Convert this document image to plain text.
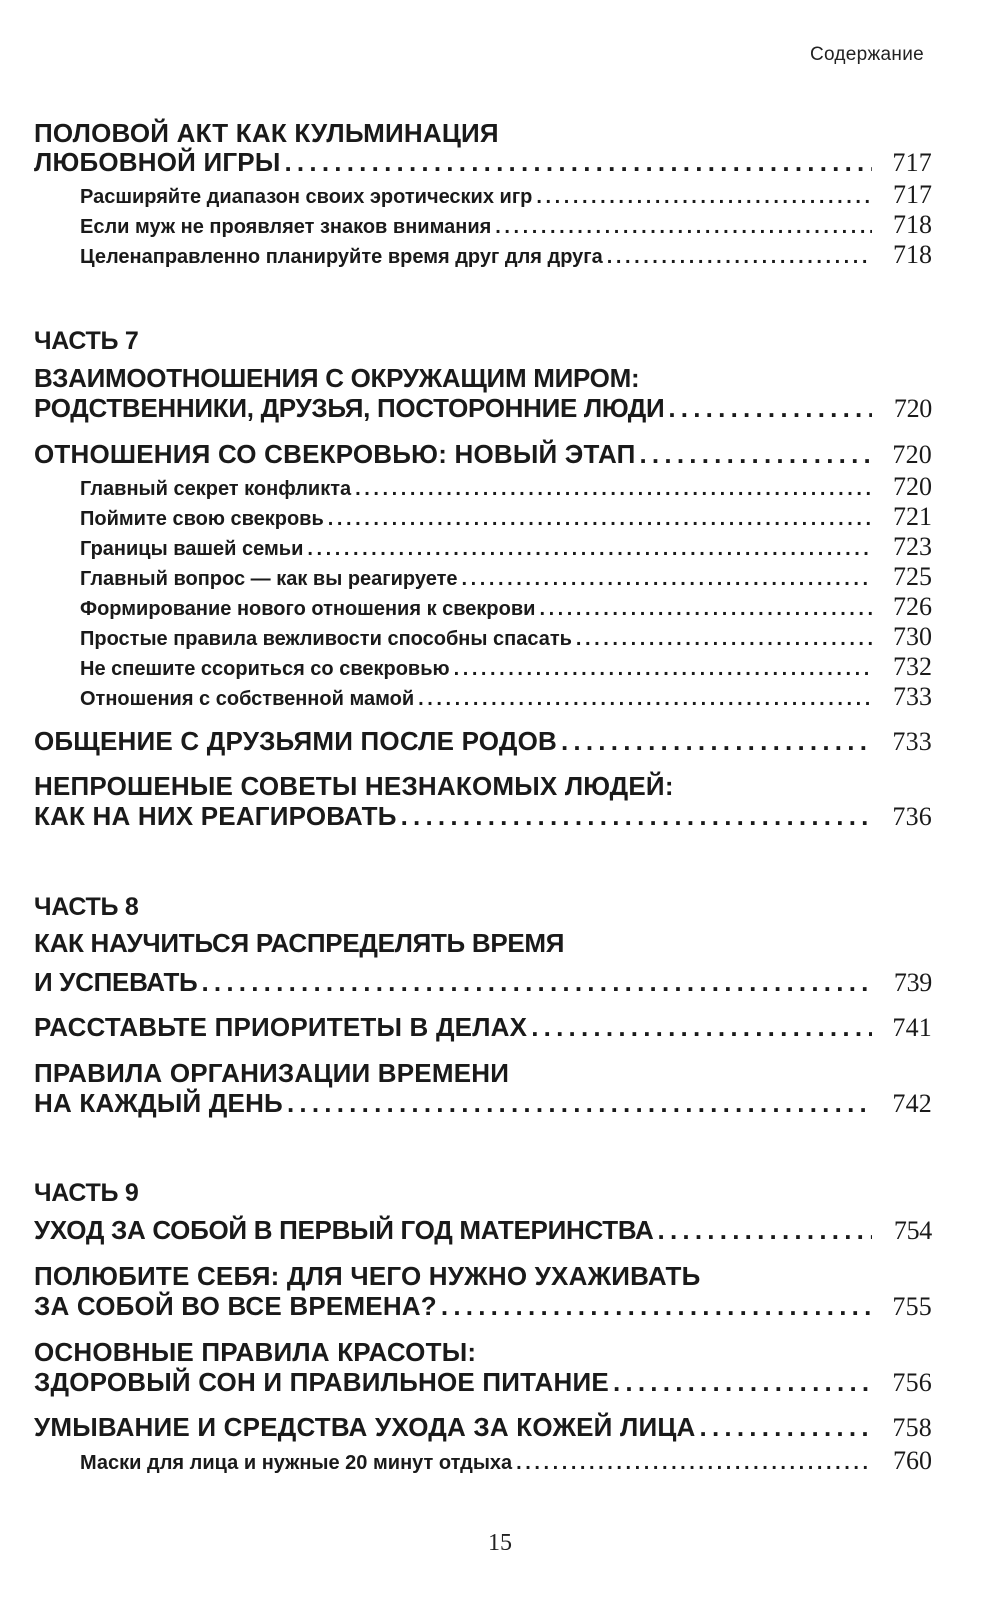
Содержание
ПОЛОВОЙ АКТ КАК КУЛЬМИНАЦИЯ
ЛЮБОВНОЙ ИГРЫ . . .	717
Расширяйте диапазон своих эротических игр . . .	717
Если муж не проявляет знаков внимания . . .	718
Целенаправленно планируйте время друг для друга . . .	718
ЧАСТЬ 7
ВЗАИМООТНОШЕНИЯ С ОКРУЖАЩИМ МИРОМ:
РОДСТВЕННИКИ, ДРУЗЬЯ, ПОСТОРОННИЕ ЛЮДИ . . .	720
ОТНОШЕНИЯ СО СВЕКРОВЬЮ: НОВЫЙ ЭТАП . . .	720
Главный секрет конфликта . . .	720
Поймите свою свекровь . . .	721
Границы вашей семьи . . .	723
Главный вопрос — как вы реагируете . . .	725
Формирование нового отношения к свекрови . . .	726
Простые правила вежливости способны спасать . . .	730
Не спешите ссориться со свекровью . . .	732
Отношения с собственной мамой . . .	733
ОБЩЕНИЕ С ДРУЗЬЯМИ ПОСЛЕ РОДОВ . . .	733
НЕПРОШЕНЫЕ СОВЕТЫ НЕЗНАКОМЫХ ЛЮДЕЙ:
КАК НА НИХ РЕАГИРОВАТЬ . . .	736
ЧАСТЬ 8
КАК НАУЧИТЬСЯ РАСПРЕДЕЛЯТЬ ВРЕМЯ
И УСПЕВАТЬ . . .	739
РАССТАВЬТЕ ПРИОРИТЕТЫ В ДЕЛАХ . . .	741
ПРАВИЛА ОРГАНИЗАЦИИ ВРЕМЕНИ
НА КАЖДЫЙ ДЕНЬ . . .	742
ЧАСТЬ 9
УХОД ЗА СОБОЙ В ПЕРВЫЙ ГОД МАТЕРИНСТВА . . .	754
ПОЛЮБИТЕ СЕБЯ: ДЛЯ ЧЕГО НУЖНО УХАЖИВАТЬ
ЗА СОБОЙ ВО ВСЕ ВРЕМЕНА? . . .	755
ОСНОВНЫЕ ПРАВИЛА КРАСОТЫ:
ЗДОРОВЫЙ СОН И ПРАВИЛЬНОЕ ПИТАНИЕ . . .	756
УМЫВАНИЕ И СРЕДСТВА УХОДА ЗА КОЖЕЙ ЛИЦА . . .	758
Маски для лица и нужные 20 минут отдыха . . .	760
15
